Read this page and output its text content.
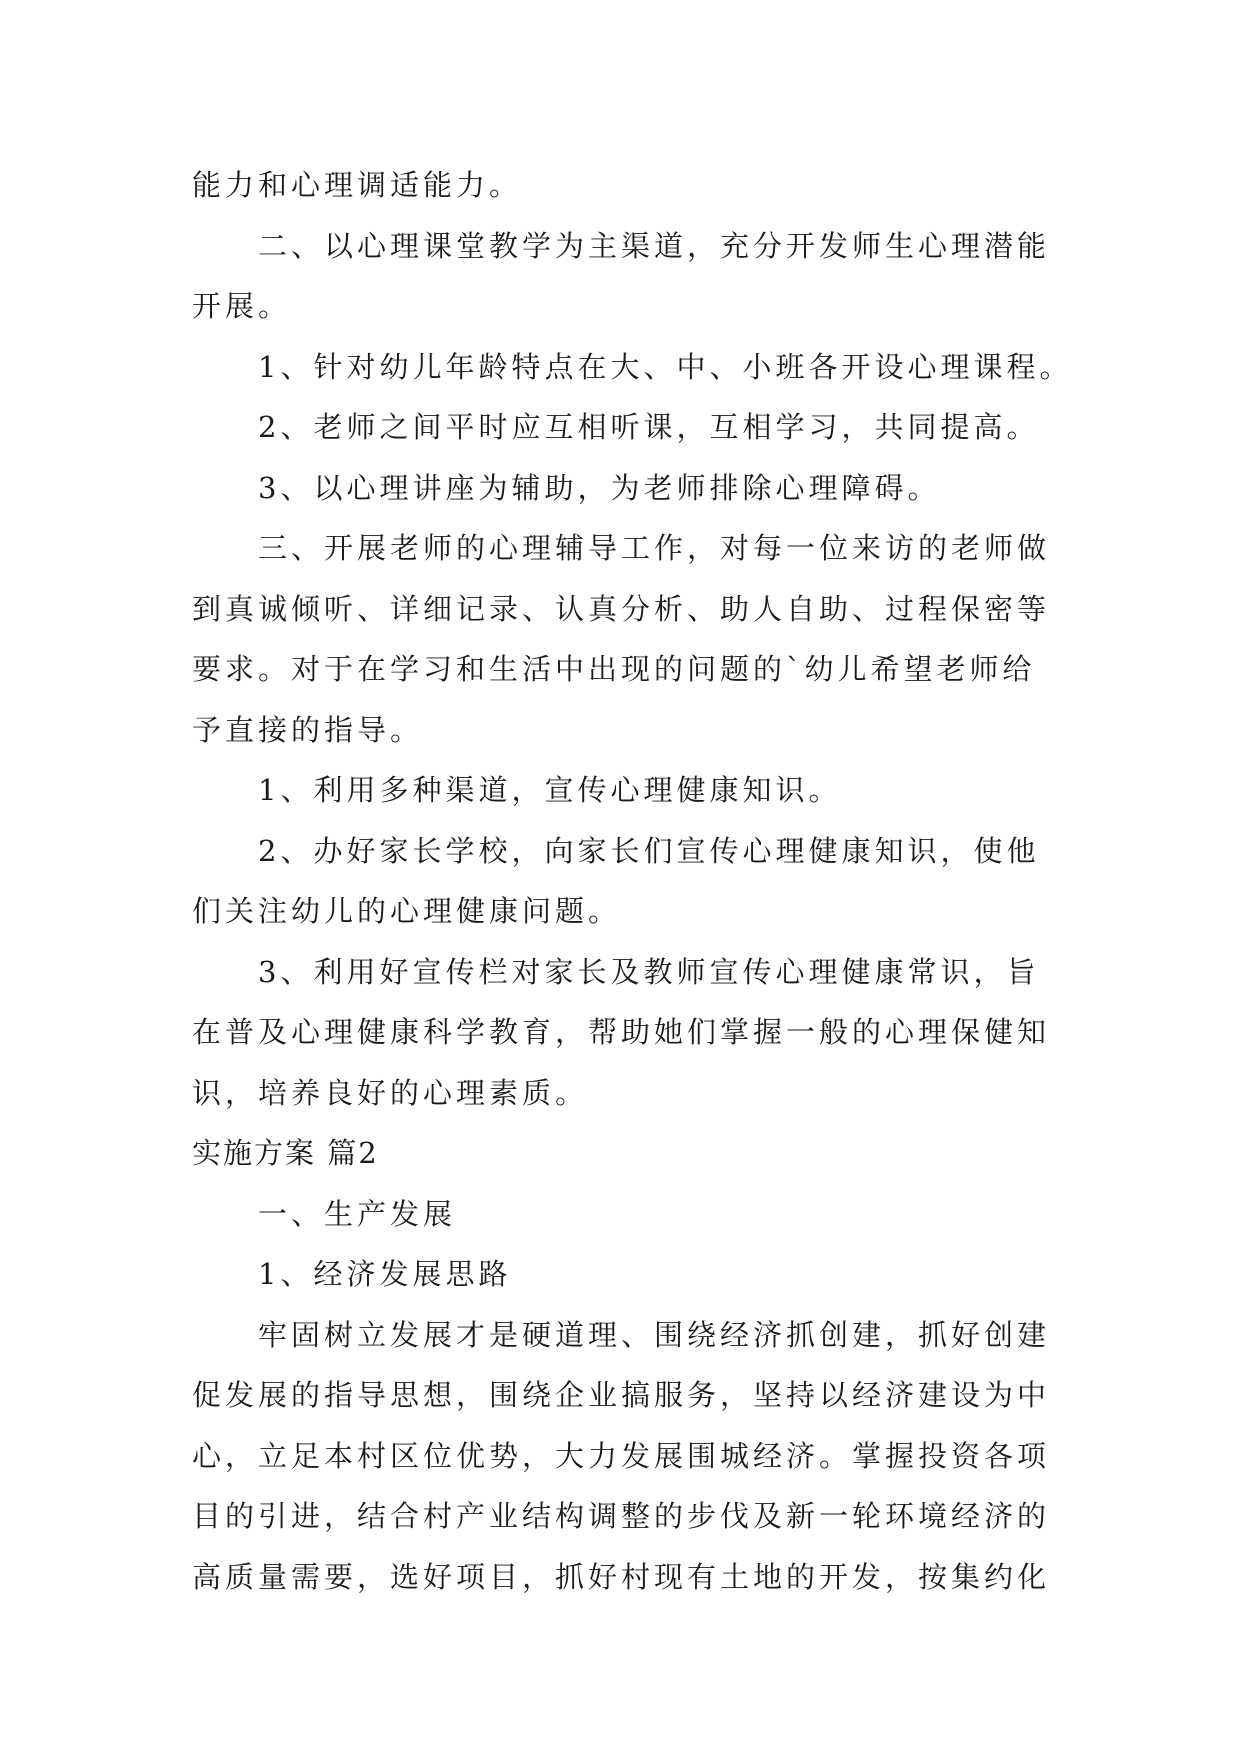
能力和心理调适能力。
二、以心理课堂教学为主渠道，充分开发师生心理潜能
开展。
1、针对幼儿年龄特点在大、中、小班各开设心理课程。
2、老师之间平时应互相听课，互相学习，共同提高。
3、以心理讲座为辅助，为老师排除心理障碍。
三、开展老师的心理辅导工作，对每一位来访的老师做
到真诚倾听、详细记录、认真分析、助人自助、过程保密等
要求。对于在学习和生活中出现的问题的`幼儿希望老师给
予直接的指导。
1、利用多种渠道，宣传心理健康知识。
2、办好家长学校，向家长们宣传心理健康知识，使他
们关注幼儿的心理健康问题。
3、利用好宣传栏对家长及教师宣传心理健康常识，旨
在普及心理健康科学教育，帮助她们掌握一般的心理保健知
识，培养良好的心理素质。
实施方案 篇2
一、生产发展
1、经济发展思路
牢固树立发展才是硬道理、围绕经济抓创建，抓好创建
促发展的指导思想，围绕企业搞服务，坚持以经济建设为中
心，立足本村区位优势，大力发展围城经济。掌握投资各项
目的引进，结合村产业结构调整的步伐及新一轮环境经济的
高质量需要，选好项目，抓好村现有土地的开发，按集约化
